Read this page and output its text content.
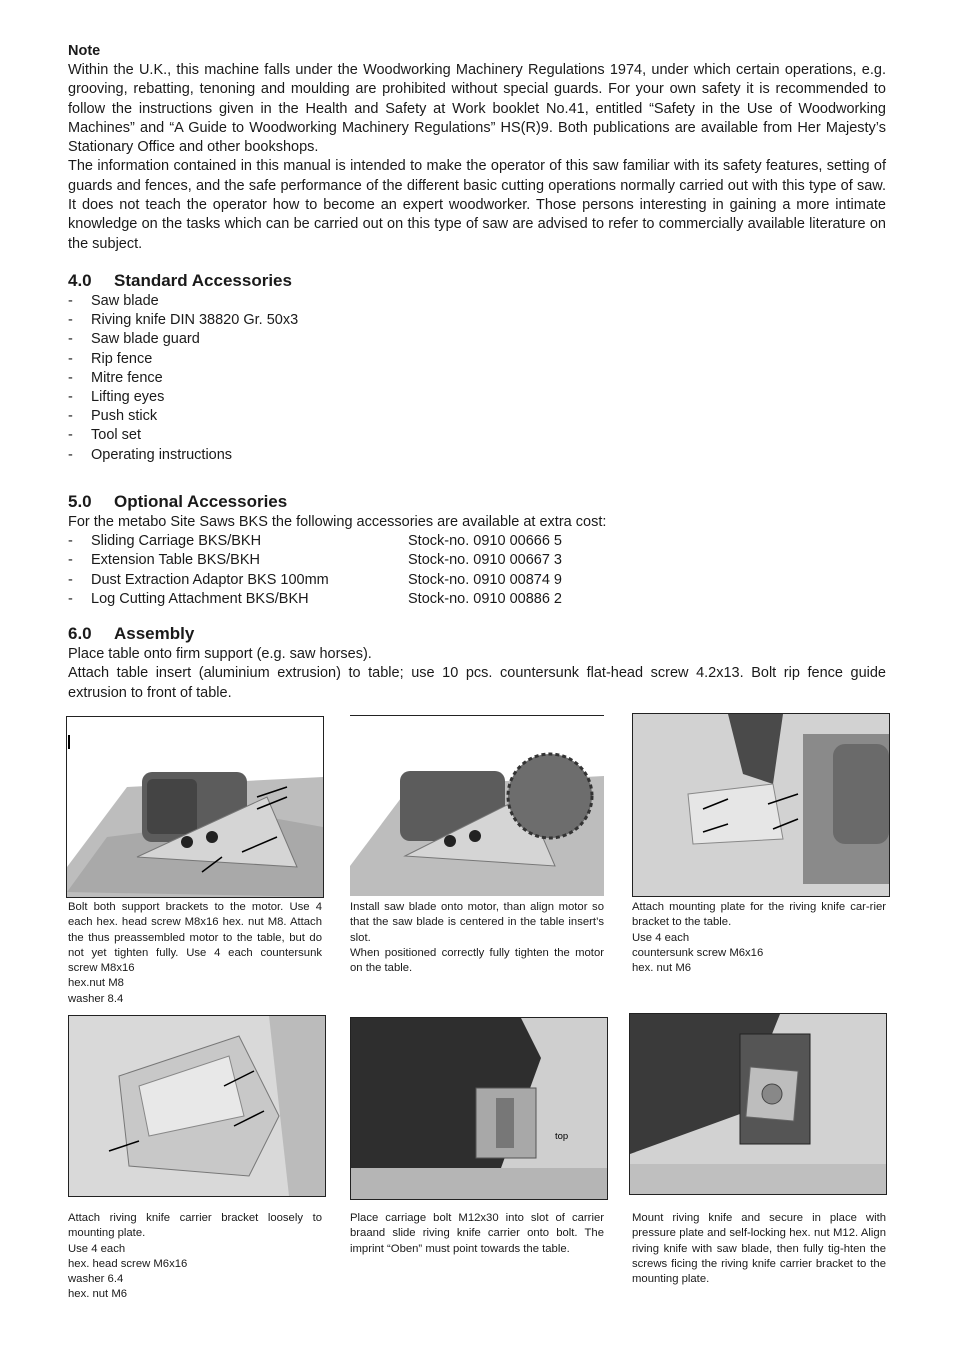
Note

Within the U.K., this machine falls under the Woodworking Machinery Regulations 1974, under which certain operations, e.g. grooving, rebatting, tenoning and moulding are prohibited without special guards. For your own safety it is recommended to follow the instructions given in the Health and Safety at Work booklet No.41, entitled “Safety in the Use of Woodworking Machines” and “A Guide to Woodworking Machinery Regulations” HS(R)9. Both publications are available from Her Majesty’s Stationary Office and other bookshops.

The information contained in this manual is intended to make the operator of this saw familiar with its safety features, setting of guards and fences, and the safe performance of the different basic cutting operations normally carried out with this type of saw. It does not teach the operator how to become an expert woodworker. Those persons interesting in gaining a more intimate knowledge on the tasks which can be carried out on this type of saw are advised to refer to commercially available literature on the subject.

4.0 Standard Accessories
- Saw blade
- Riving knife DIN 38820 Gr. 50x3
- Saw blade guard
- Rip fence
- Mitre fence
- Lifting eyes
- Push stick
- Tool set
- Operating instructions
5.0 Optional Accessories

For the metabo Site Saws BKS the following accessories are available at extra cost:

- Sliding Carriage BKS/BKH	Stock-no. 0910 00666 5
- Extension Table BKS/BKH	Stock-no. 0910 00667 3
- Dust Extraction Adaptor BKS 100mm	Stock-no. 0910 00874 9
- Log Cutting Attachment BKS/BKH	Stock-no. 0910 00886 2
6.0 Assembly

Place table onto firm support (e.g. saw horses).

Attach table insert (aluminium extrusion) to table; use 10 pcs. countersunk flat-head screw 4.2x13. Bolt rip fence guide extrusion to front of table.

Bolt both support brackets to the motor. Use 4 each hex. head screw M8x16 hex. nut M8. Attach the thus preassembled motor to the table, but do not yet tighten fully. Use 4 each countersunk screw M8x16
hex.nut M8
washer 8.4
Install saw blade onto motor, than align motor so that the saw blade is centered in the table insert’s slot.
When positioned correctly fully tighten the motor on the table.
Attach mounting plate for the riving knife car-rier bracket to the table.
Use 4 each
countersunk screw M6x16
hex. nut M6
Attach riving knife carrier bracket loosely to mounting plate.
Use 4 each
hex. head screw M6x16
washer 6.4
hex. nut M6
top
Place carriage bolt M12x30 into slot of carrier braand slide riving knife carrier onto bolt. The imprint “Oben” must point towards the table.
Mount riving knife and secure in place with pressure plate and self-locking hex. nut M12. Align riving knife with saw blade, then fully tig-hten the screws ficing the riving knife carrier bracket to the mounting plate.
